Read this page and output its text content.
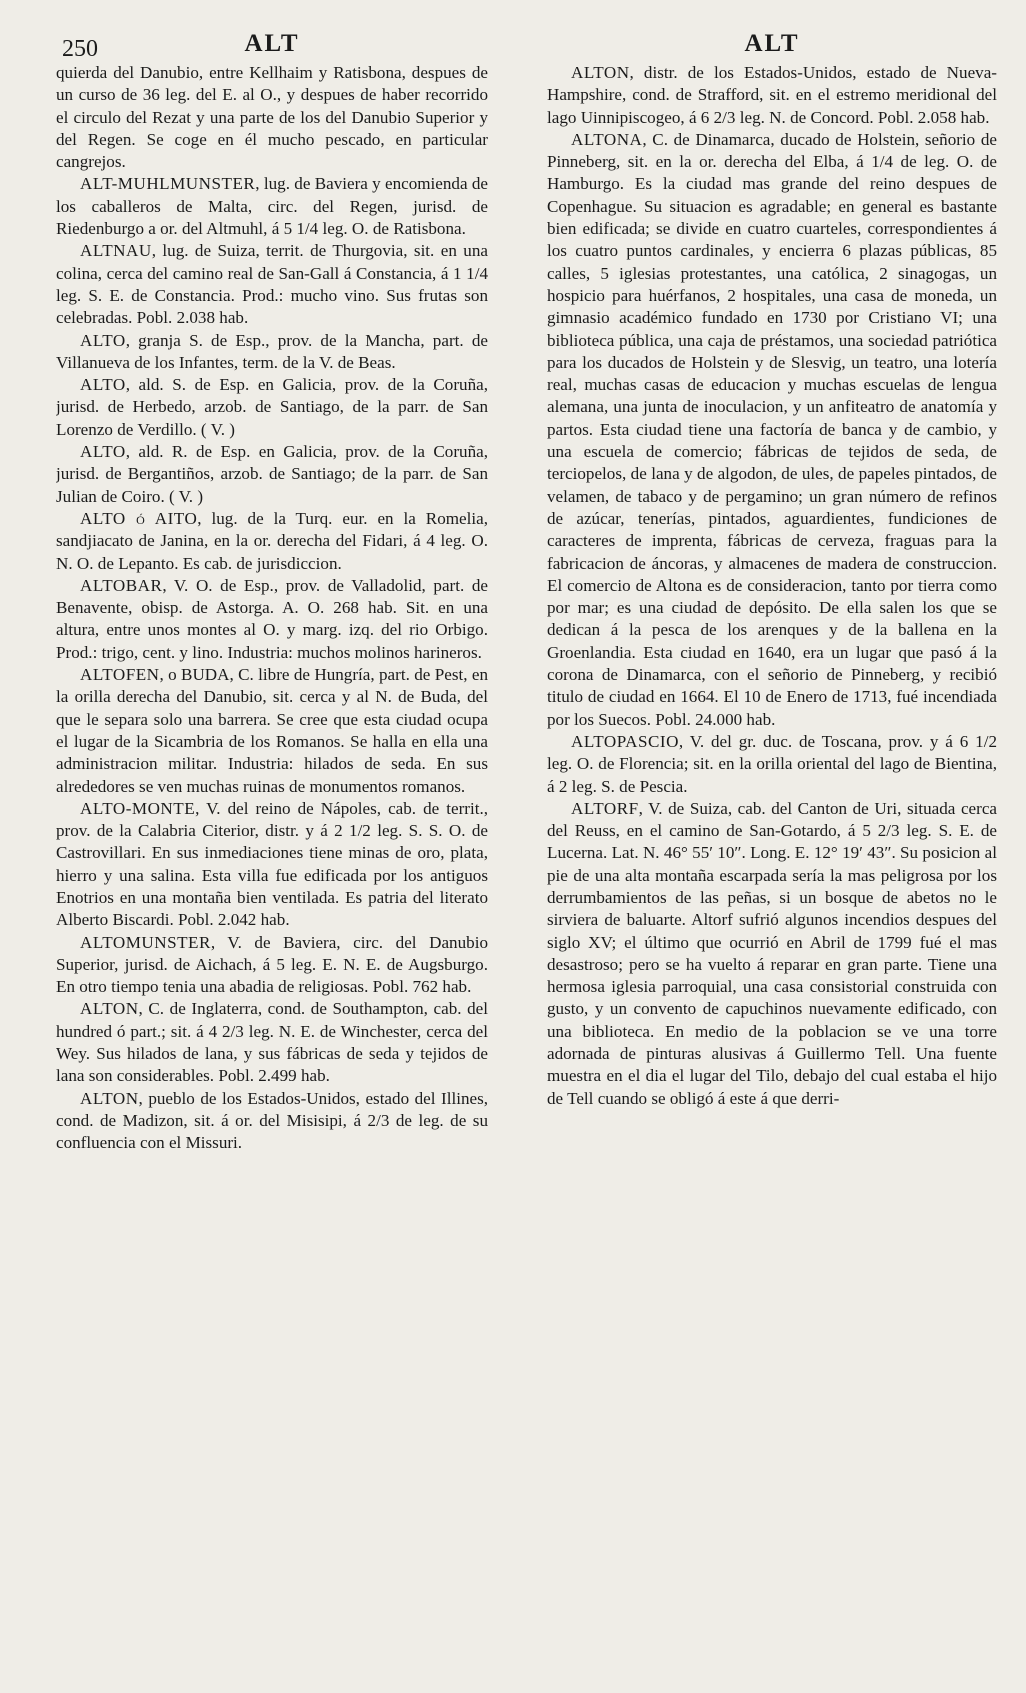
250	ALT

quierda del Danubio, entre Kellhaim y Ratisbona, despues de un curso de 36 leg. del E. al O., y despues de haber recorrido el circulo del Rezat y una parte de los del Danubio Superior y del Regen. Se coge en él mucho pescado, en particular cangrejos.

ALT-MUHLMUNSTER, lug. de Baviera y encomienda de los caballeros de Malta, circ. del Regen, jurisd. de Riedenburgo a or. del Altmuhl, á 5 1/4 leg. O. de Ratisbona.

ALTNAU, lug. de Suiza, territ. de Thurgovia, sit. en una colina, cerca del camino real de San-Gall á Constancia, á 1 1/4 leg. S. E. de Constancia. Prod.: mucho vino. Sus frutas son celebradas. Pobl. 2.038 hab.

ALTO, granja S. de Esp., prov. de la Mancha, part. de Villanueva de los Infantes, term. de la V. de Beas.

ALTO, ald. S. de Esp. en Galicia, prov. de la Coruña, jurisd. de Herbedo, arzob. de Santiago, de la parr. de San Lorenzo de Verdillo. ( V. )

ALTO, ald. R. de Esp. en Galicia, prov. de la Coruña, jurisd. de Bergantiños, arzob. de Santiago; de la parr. de San Julian de Coiro. ( V. )

ALTO ó AITO, lug. de la Turq. eur. en la Romelia, sandjiacato de Janina, en la or. derecha del Fidari, á 4 leg. O. N. O. de Lepanto. Es cab. de jurisdiccion.

ALTOBAR, V. O. de Esp., prov. de Valladolid, part. de Benavente, obisp. de Astorga. A. O. 268 hab. Sit. en una altura, entre unos montes al O. y marg. izq. del rio Orbigo. Prod.: trigo, cent. y lino. Industria: muchos molinos harineros.

ALTOFEN, o BUDA, C. libre de Hungría, part. de Pest, en la orilla derecha del Danubio, sit. cerca y al N. de Buda, del que le separa solo una barrera. Se cree que esta ciudad ocupa el lugar de la Sicambria de los Romanos. Se halla en ella una administracion militar. Industria: hilados de seda. En sus alrededores se ven muchas ruinas de monumentos romanos.

ALTO-MONTE, V. del reino de Nápoles, cab. de territ., prov. de la Calabria Citerior, distr. y á 2 1/2 leg. S. S. O. de Castrovillari. En sus inmediaciones tiene minas de oro, plata, hierro y una salina. Esta villa fue edificada por los antiguos Enotrios en una montaña bien ventilada. Es patria del literato Alberto Biscardi. Pobl. 2.042 hab.

ALTOMUNSTER, V. de Baviera, circ. del Danubio Superior, jurisd. de Aichach, á 5 leg. E. N. E. de Augsburgo. En otro tiempo tenia una abadia de religiosas. Pobl. 762 hab.

ALTON, C. de Inglaterra, cond. de Southampton, cab. del hundred ó part.; sit. á 4 2/3 leg. N. E. de Winchester, cerca del Wey. Sus hilados de lana, y sus fábricas de seda y tejidos de lana son considerables. Pobl. 2.499 hab.

ALTON, pueblo de los Estados-Unidos, estado del Illines, cond. de Madizon, sit. á or. del Misisipi, á 2/3 de leg. de su confluencia con el Missuri.

ALT

ALTON, distr. de los Estados-Unidos, estado de Nueva-Hampshire, cond. de Strafford, sit. en el estremo meridional del lago Uinnipiscogeo, á 6 2/3 leg. N. de Concord. Pobl. 2.058 hab.

ALTONA, C. de Dinamarca, ducado de Holstein, señorio de Pinneberg, sit. en la or. derecha del Elba, á 1/4 de leg. O. de Hamburgo. Es la ciudad mas grande del reino despues de Copenhague. Su situacion es agradable; en general es bastante bien edificada; se divide en cuatro cuarteles, correspondientes á los cuatro puntos cardinales, y encierra 6 plazas públicas, 85 calles, 5 iglesias protestantes, una católica, 2 sinagogas, un hospicio para huérfanos, 2 hospitales, una casa de moneda, un gimnasio académico fundado en 1730 por Cristiano VI; una biblioteca pública, una caja de préstamos, una sociedad patriótica para los ducados de Holstein y de Slesvig, un teatro, una lotería real, muchas casas de educacion y muchas escuelas de lengua alemana, una junta de inoculacion, y un anfiteatro de anatomía y partos. Esta ciudad tiene una factoría de banca y de cambio, y una escuela de comercio; fábricas de tejidos de seda, de terciopelos, de lana y de algodon, de ules, de papeles pintados, de velamen, de tabaco y de pergamino; un gran número de refinos de azúcar, tenerías, pintados, aguardientes, fundiciones de caracteres de imprenta, fábricas de cerveza, fraguas para la fabricacion de áncoras, y almacenes de madera de construccion. El comercio de Altona es de consideracion, tanto por tierra como por mar; es una ciudad de depósito. De ella salen los que se dedican á la pesca de los arenques y de la ballena en la Groenlandia. Esta ciudad en 1640, era un lugar que pasó á la corona de Dinamarca, con el señorio de Pinneberg, y recibió titulo de ciudad en 1664. El 10 de Enero de 1713, fué incendiada por los Suecos. Pobl. 24.000 hab.

ALTOPASCIO, V. del gr. duc. de Toscana, prov. y á 6 1/2 leg. O. de Florencia; sit. en la orilla oriental del lago de Bientina, á 2 leg. S. de Pescia.

ALTORF, V. de Suiza, cab. del Canton de Uri, situada cerca del Reuss, en el camino de San-Gotardo, á 5 2/3 leg. S. E. de Lucerna. Lat. N. 46° 55′ 10″. Long. E. 12° 19′ 43″. Su posicion al pie de una alta montaña escarpada sería la mas peligrosa por los derrumbamientos de las peñas, si un bosque de abetos no le sirviera de baluarte. Altorf sufrió algunos incendios despues del siglo XV; el último que ocurrió en Abril de 1799 fué el mas desastroso; pero se ha vuelto á reparar en gran parte. Tiene una hermosa iglesia parroquial, una casa consistorial construida con gusto, y un convento de capuchinos nuevamente edificado, con una biblioteca. En medio de la poblacion se ve una torre adornada de pinturas alusivas á Guillermo Tell. Una fuente muestra en el dia el lugar del Tilo, debajo del cual estaba el hijo de Tell cuando se obligó á este á que derri-
